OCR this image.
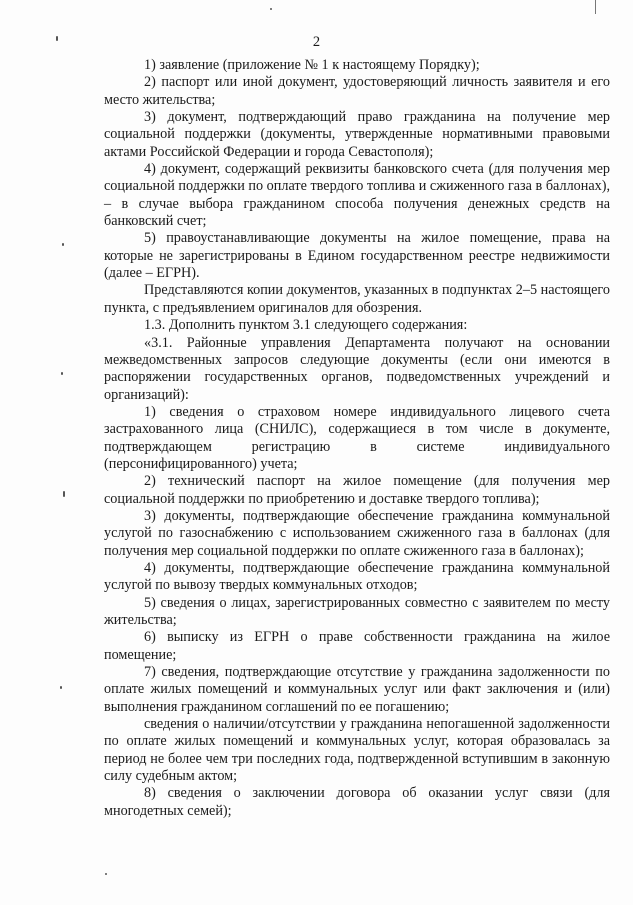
2

1) заявление (приложение № 1 к настоящему Порядку);

2) паспорт или иной документ, удостоверяющий личность заявителя и его место жительства;

3) документ, подтверждающий право гражданина на получение мер социальной поддержки (документы, утвержденные нормативными правовыми актами Российской Федерации и города Севастополя);

4) документ, содержащий реквизиты банковского счета (для получения мер социальной поддержки по оплате твердого топлива и сжиженного газа в баллонах), – в случае выбора гражданином способа получения денежных средств на банковский счет;

5) правоустанавливающие документы на жилое помещение, права на которые не зарегистрированы в Едином государственном реестре недвижимости (далее – ЕГРН).

Представляются копии документов, указанных в подпунктах 2–5 настоящего пункта, с предъявлением оригиналов для обозрения.

1.3. Дополнить пунктом 3.1 следующего содержания:

«3.1. Районные управления Департамента получают на основании межведомственных запросов следующие документы (если они имеются в распоряжении государственных органов, подведомственных учреждений и организаций):

1) сведения о страховом номере индивидуального лицевого счета застрахованного лица (СНИЛС), содержащиеся в том числе в документе, подтверждающем регистрацию в системе индивидуального (персонифицированного) учета;

2) технический паспорт на жилое помещение (для получения мер социальной поддержки по приобретению и доставке твердого топлива);

3) документы, подтверждающие обеспечение гражданина коммунальной услугой по газоснабжению с использованием сжиженного газа в баллонах (для получения мер социальной поддержки по оплате сжиженного газа в баллонах);

4) документы, подтверждающие обеспечение гражданина коммунальной услугой по вывозу твердых коммунальных отходов;

5) сведения о лицах, зарегистрированных совместно с заявителем по месту жительства;

6) выписку из ЕГРН о праве собственности гражданина на жилое помещение;

7) сведения, подтверждающие отсутствие у гражданина задолженности по оплате жилых помещений и коммунальных услуг или факт заключения и (или) выполнения гражданином соглашений по ее погашению;

сведения о наличии/отсутствии у гражданина непогашенной задолженности по оплате жилых помещений и коммунальных услуг, которая образовалась за период не более чем три последних года, подтвержденной вступившим в законную силу судебным актом;

8) сведения о заключении договора об оказании услуг связи (для многодетных семей);
